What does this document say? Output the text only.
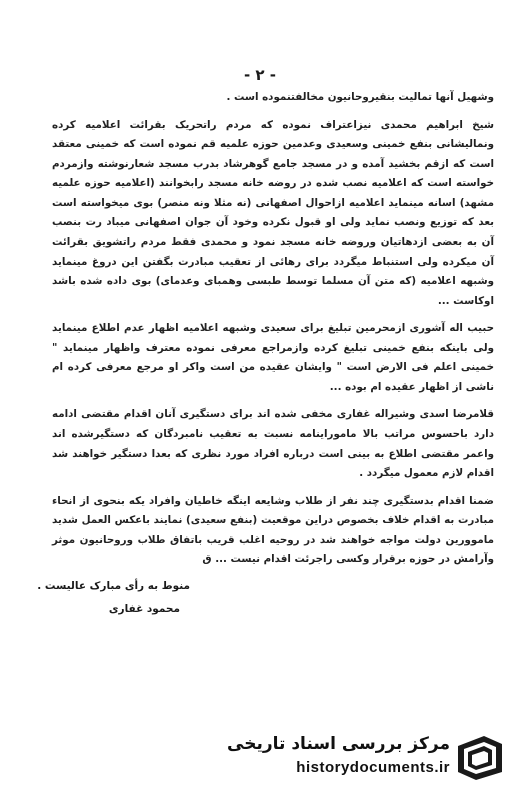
- ۲ -

وشهیل آنها تمالیت بنقیروحانیون مخالفتنموده است .

شیخ ابراهیم محمدی نیزاعتراف نموده که مردم راتحریک بقرائت اعلامیه کرده ونماليشانی بنفع خمینی وسعیدی وعدمین حوزه علمیه قم نموده است که خمینی معتقد است که ازقم بخشید آمده و در مسجد جامع گوهرشاد بدرب مسجد شعارنوشته وازمردم خواسته است که اعلامیه نصب شده در روضه خانه مسجد رابخوانند (اعلامیه حوزه علمیه مشهد) اسانه مینماید اعلامیه ازاحوال اصفهانی (نه مثلا ونه منصر) بوی میخواسته است بعد که توزیع ونصب نماید ولی او قبول نکرده وخود آن جوان اصفهانی میباد رت بنصب آن به بعضی ازدهاتیان وروضه خانه مسجد نمود و محمدی فقط مردم راتشویق بقرائت آن میکرده ولی استنباط میگردد برای رهائی از تعقیب مبادرت بگفتن این دروغ مینماید وشبهه اعلامیه (که متن آن مسلما توسط طبسی وهمبای وعدمای) بوی داده شده باشد اوکاست ...

حبیب اله آشوری ازمحرمین تبلیغ برای سعیدی وشبهه اعلامیه اظهار عدم اطلاع مینماید ولی باینکه بنفع خمینی تبلیغ کرده وازمراجع معرفی نموده معترف واظهار مینماید " خمینی اعلم فی الارض است " وایشان عقیده من است واکر او مرجع معرفی کرده ام ناشی از اظهار عقیده ام بوده ...

قلامرضا اسدی وشیراله غفاری مخفی شده اند برای دستگیری آنان اقدام مقتضی ادامه دارد باحسوس مراتب بالا ماموراینامه نسبت به تعقیب نامبردگان که دستگیرشده اند واعمر مقتضی اطلاع به بینی است درباره افراد مورد نظری که بعدا دستگیر خواهند شد اقدام لازم معمول میگردد .

ضمنا اقدام بدستگیری چند نفر از طلاب وشایعه اینگه خاطیان وافراد یکه بنحوی از انحاء مبادرت به اقدام خلاف بخصوص دراین موقعیت (بنفع سعیدی) نمایند باعکس العمل شدید ماموورین دولت مواجه خواهند شد در روحیه اغلب قریب باتفاق طلاب وروحانیون موثر وآرامش در حوزه برقرار وکسی راجرئت اقدام نیست ... ق

منوط به رأی مبارک عالیست .
محمود غفاری
مرکز بررسی اسناد تاریخی
historydocuments.ir
